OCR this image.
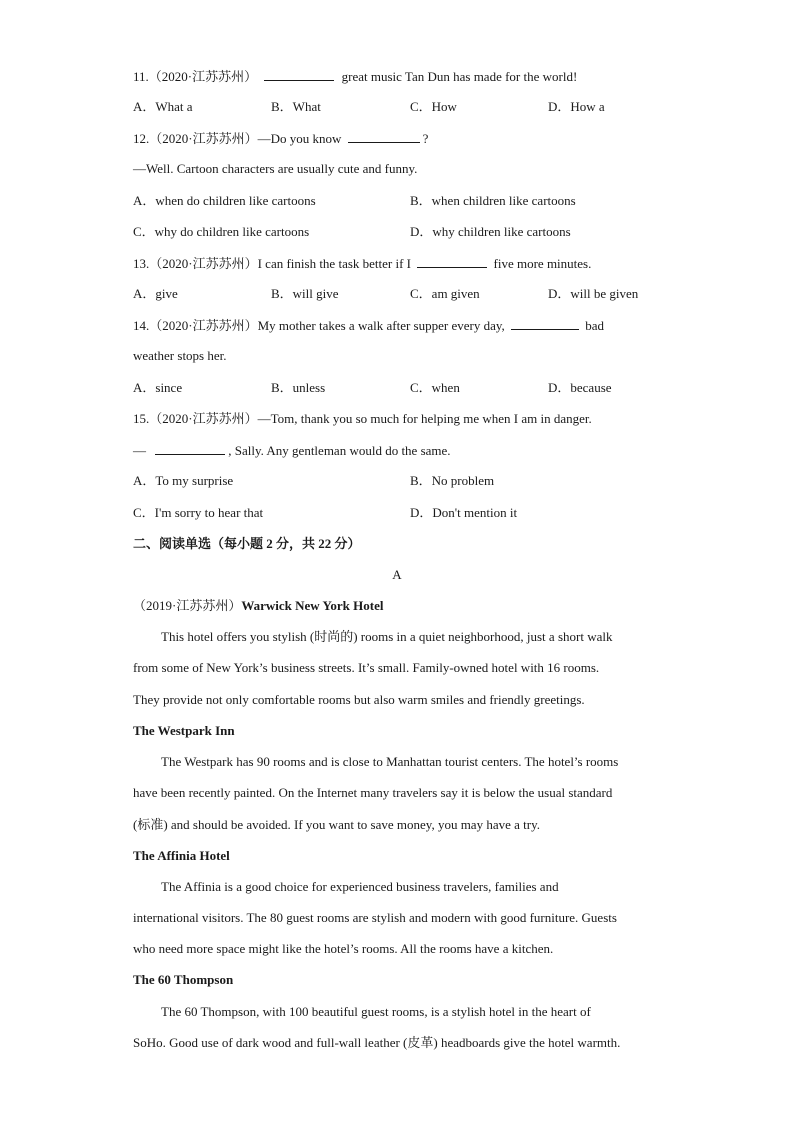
11.（2020·江苏苏州）	great music Tan Dun has made for the world!
A．What a	B．What	C．How	D．How a
12.（2020·江苏苏州）—Do you know	?
—Well. Cartoon characters are usually cute and funny.
A．when do children like cartoons	B．when children like cartoons
C．why do children like cartoons	D．why children like cartoons
13.（2020·江苏苏州）I can finish the task better if I	five more minutes.
A．give	B．will give	C．am given	D．will be given
14.（2020·江苏苏州）My mother takes a walk after supper every day,	bad
weather stops her.
A．since	B．unless	C．when	D．because
15.（2020·江苏苏州）—Tom, thank you so much for helping me when I am in danger.
—	, Sally. Any gentleman would do the same.
A．To my surprise	B．No problem
C．I'm sorry to hear that	D．Don't mention it
二、阅读单选（每小题 2 分，共 22 分）
A
（2019·江苏苏州）Warwick New York Hotel
This hotel offers you stylish (时尚的) rooms in a quiet neighborhood, just a short walk
from some of New York’s business streets. It’s small. Family-owned hotel with 16 rooms.
They provide not only comfortable rooms but also warm smiles and friendly greetings.
The Westpark Inn
The Westpark has 90 rooms and is close to Manhattan tourist centers. The hotel’s rooms
have been recently painted. On the Internet many travelers say it is below the usual standard
(标准) and should be avoided. If you want to save money, you may have a try.
The Affinia Hotel
The Affinia is a good choice for experienced business travelers, families and
international visitors. The 80 guest rooms are stylish and modern with good furniture. Guests
who need more space might like the hotel’s rooms. All the rooms have a kitchen.
The 60 Thompson
The 60 Thompson, with 100 beautiful guest rooms, is a stylish hotel in the heart of
SoHo. Good use of dark wood and full-wall leather (皮革) headboards give the hotel warmth.
